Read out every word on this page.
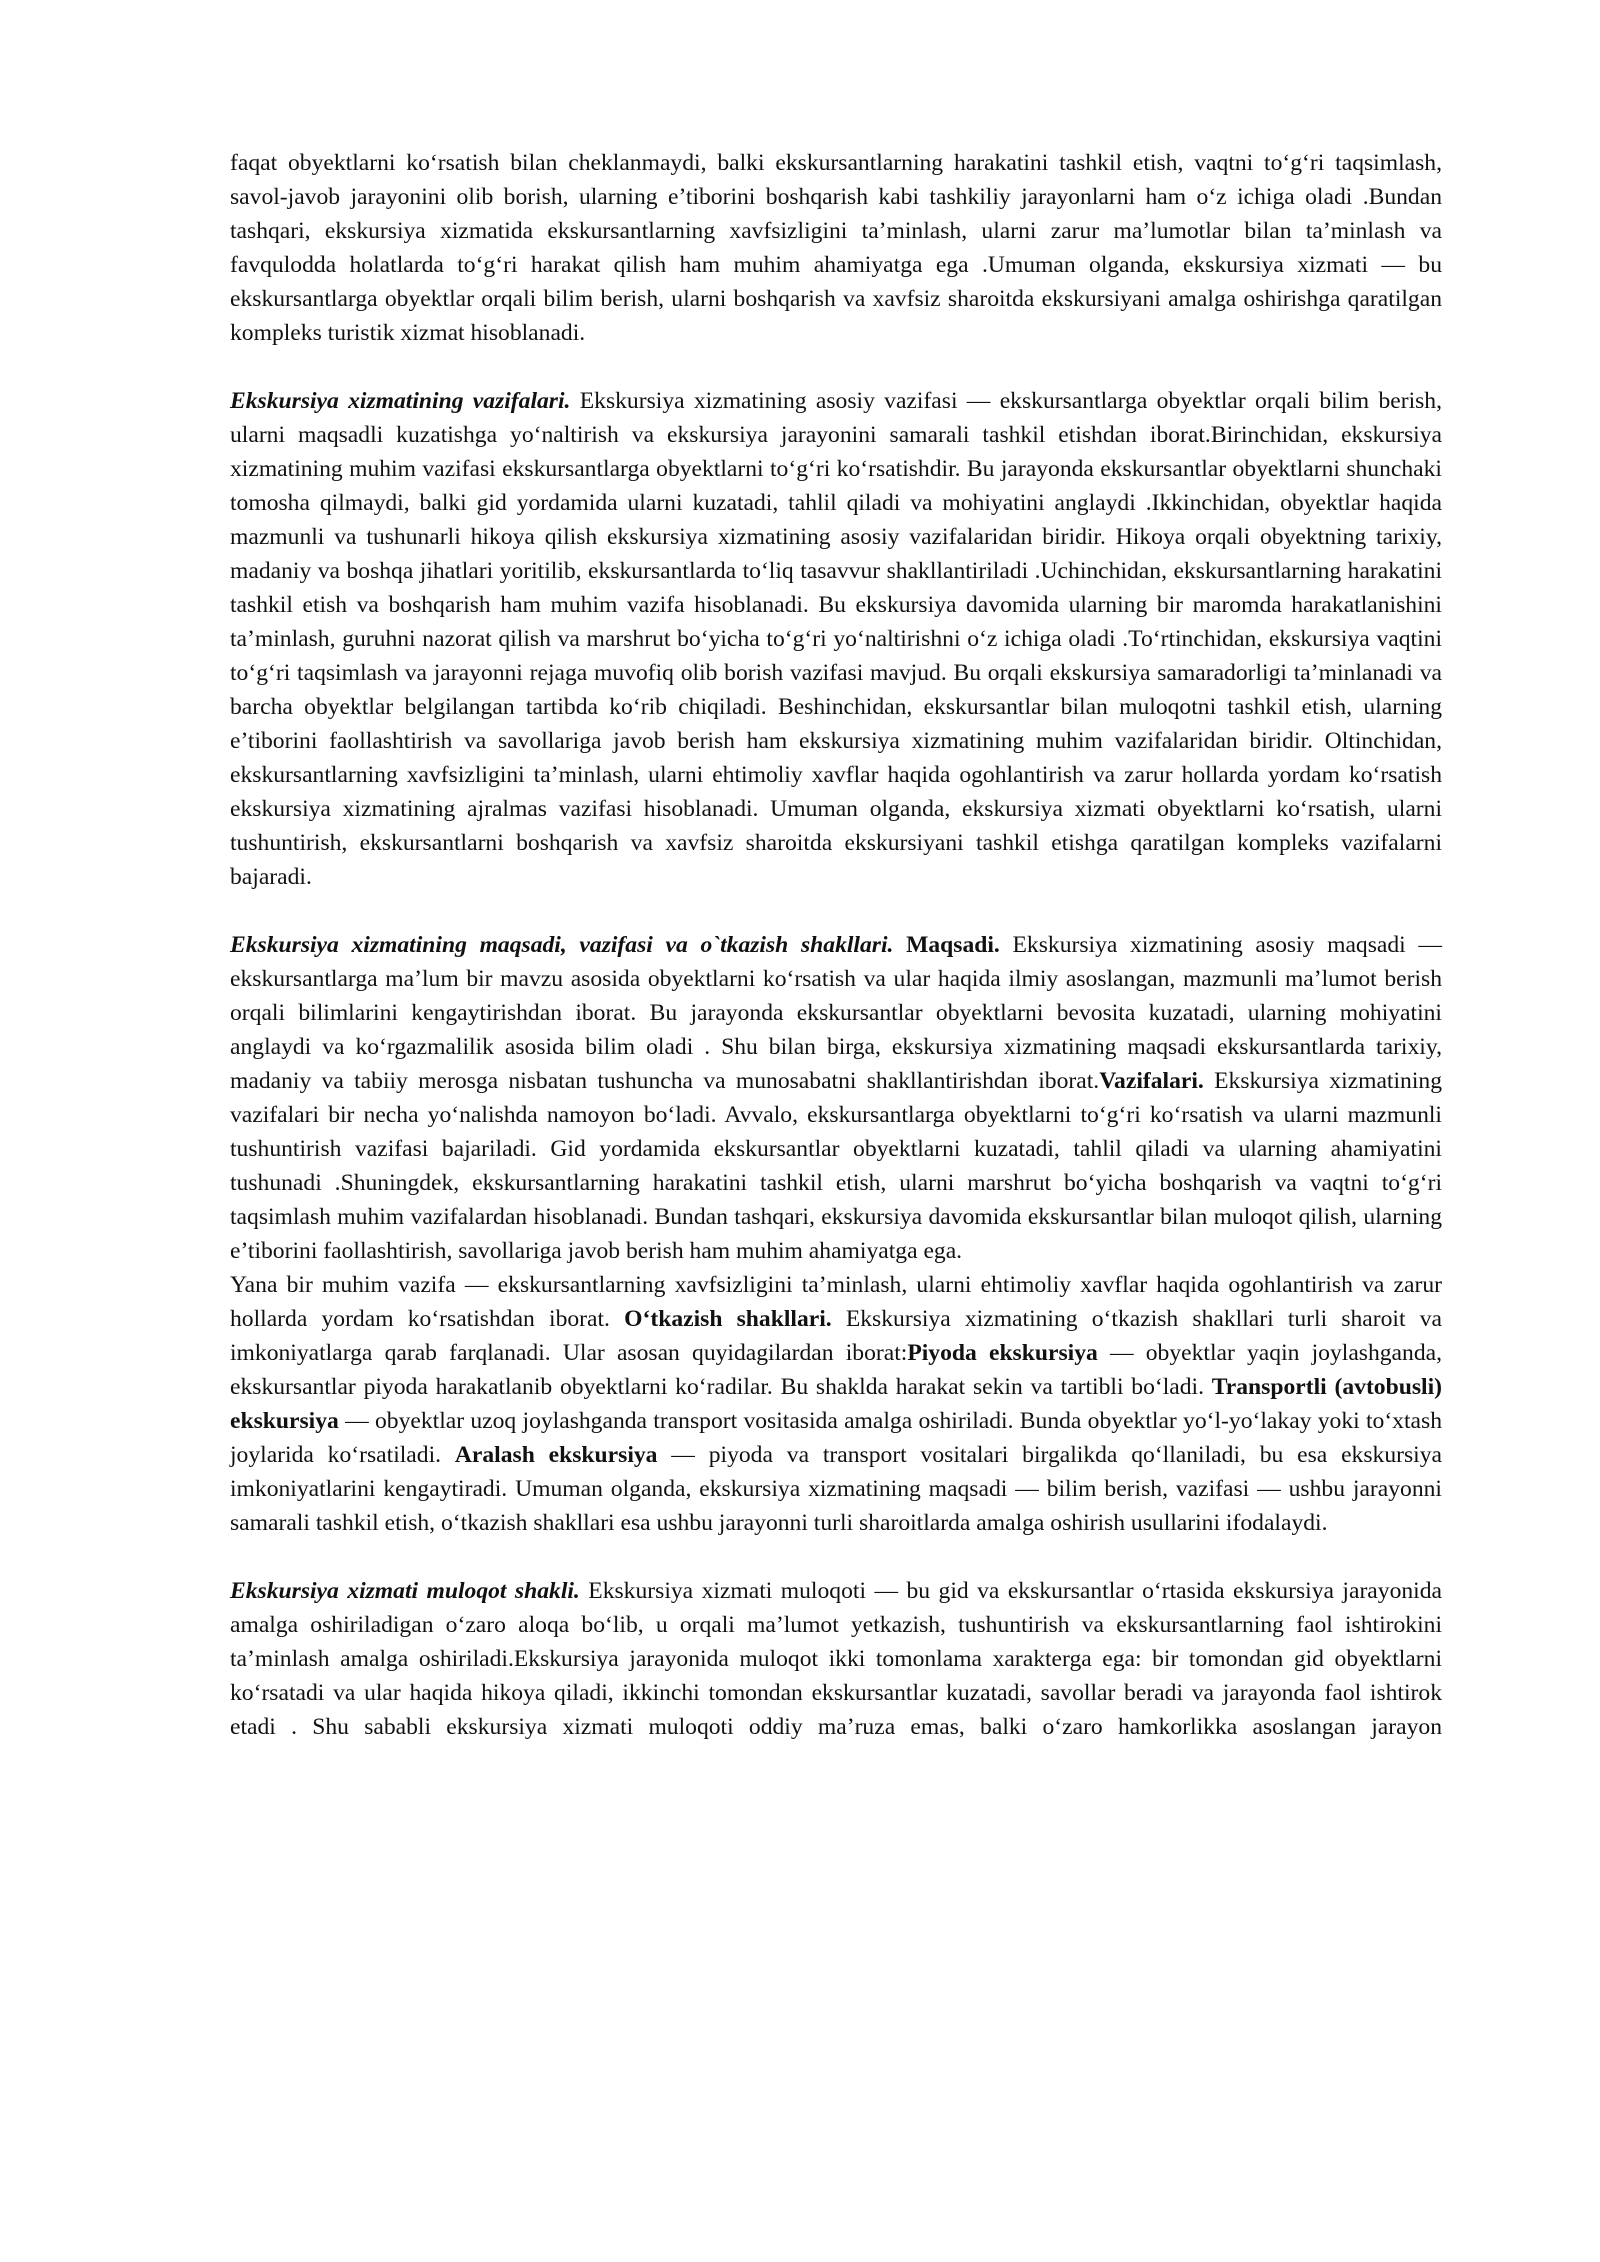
faqat obyektlarni ko‘rsatish bilan cheklanmaydi, balki ekskursantlarning harakatini tashkil etish, vaqtni to‘g‘ri taqsimlash, savol-javob jarayonini olib borish, ularning e’tiborini boshqarish kabi tashkiliy jarayonlarni ham o‘z ichiga oladi .Bundan tashqari, ekskursiya xizmatida ekskursantlarning xavfsizligini ta’minlash, ularni zarur ma’lumotlar bilan ta’minlash va favqulodda holatlarda to‘g‘ri harakat qilish ham muhim ahamiyatga ega .Umuman olganda, ekskursiya xizmati — bu ekskursantlarga obyektlar orqali bilim berish, ularni boshqarish va xavfsiz sharoitda ekskursiyani amalga oshirishga qaratilgan kompleks turistik xizmat hisoblanadi.

Ekskursiya xizmatining vazifalari. Ekskursiya xizmatining asosiy vazifasi — ekskursantlarga obyektlar orqali bilim berish, ularni maqsadli kuzatishga yo‘naltirish va ekskursiya jarayonini samarali tashkil etishdan iborat.Birinchidan, ekskursiya xizmatining muhim vazifasi ekskursantlarga obyektlarni to‘g‘ri ko‘rsatishdir. Bu jarayonda ekskursantlar obyektlarni shunchaki tomosha qilmaydi, balki gid yordamida ularni kuzatadi, tahlil qiladi va mohiyatini anglaydi .Ikkinchidan, obyektlar haqida mazmunli va tushunarli hikoya qilish ekskursiya xizmatining asosiy vazifalaridan biridir. Hikoya orqali obyektning tarixiy, madaniy va boshqa jihatlari yoritilib, ekskursantlarda to‘liq tasavvur shakllantiriladi .Uchinchidan, ekskursantlarning harakatini tashkil etish va boshqarish ham muhim vazifa hisoblanadi. Bu ekskursiya davomida ularning bir maromda harakatlanishini ta’minlash, guruhni nazorat qilish va marshrut bo‘yicha to‘g‘ri yo‘naltirishni o‘z ichiga oladi .To‘rtinchidan, ekskursiya vaqtini to‘g‘ri taqsimlash va jarayonni rejaga muvofiq olib borish vazifasi mavjud. Bu orqali ekskursiya samaradorligi ta’minlanadi va barcha obyektlar belgilangan tartibda ko‘rib chiqiladi. Beshinchidan, ekskursantlar bilan muloqotni tashkil etish, ularning e’tiborini faollashtirish va savollariga javob berish ham ekskursiya xizmatining muhim vazifalaridan biridir. Oltinchidan, ekskursantlarning xavfsizligini ta’minlash, ularni ehtimoliy xavflar haqida ogohlantirish va zarur hollarda yordam ko‘rsatish ekskursiya xizmatining ajralmas vazifasi hisoblanadi. Umuman olganda, ekskursiya xizmati obyektlarni ko‘rsatish, ularni tushuntirish, ekskursantlarni boshqarish va xavfsiz sharoitda ekskursiyani tashkil etishga qaratilgan kompleks vazifalarni bajaradi.

Ekskursiya xizmatining maqsadi, vazifasi va o`tkazish shakllari. Maqsadi. Ekskursiya xizmatining asosiy maqsadi — ekskursantlarga ma’lum bir mavzu asosida obyektlarni ko‘rsatish va ular haqida ilmiy asoslangan, mazmunli ma’lumot berish orqali bilimlarini kengaytirishdan iborat. Bu jarayonda ekskursantlar obyektlarni bevosita kuzatadi, ularning mohiyatini anglaydi va ko‘rgazmalilik asosida bilim oladi . Shu bilan birga, ekskursiya xizmatining maqsadi ekskursantlarda tarixiy, madaniy va tabiiy merosga nisbatan tushuncha va munosabatni shakllantirishdan iborat.Vazifalari. Ekskursiya xizmatining vazifalari bir necha yo‘nalishda namoyon bo‘ladi. Avvalo, ekskursantlarga obyektlarni to‘g‘ri ko‘rsatish va ularni mazmunli tushuntirish vazifasi bajariladi. Gid yordamida ekskursantlar obyektlarni kuzatadi, tahlil qiladi va ularning ahamiyatini tushunadi .Shuningdek, ekskursantlarning harakatini tashkil etish, ularni marshrut bo‘yicha boshqarish va vaqtni to‘g‘ri taqsimlash muhim vazifalardan hisoblanadi. Bundan tashqari, ekskursiya davomida ekskursantlar bilan muloqot qilish, ularning e’tiborini faollashtirish, savollariga javob berish ham muhim ahamiyatga ega.

Yana bir muhim vazifa — ekskursantlarning xavfsizligini ta’minlash, ularni ehtimoliy xavflar haqida ogohlantirish va zarur hollarda yordam ko‘rsatishdan iborat. O‘tkazish shakllari. Ekskursiya xizmatining o‘tkazish shakllari turli sharoit va imkoniyatlarga qarab farqlanadi. Ular asosan quyidagilardan iborat:Piyoda ekskursiya — obyektlar yaqin joylashganda, ekskursantlar piyoda harakatlanib obyektlarni ko‘radilar. Bu shaklda harakat sekin va tartibli bo‘ladi. Transportli (avtobusli) ekskursiya — obyektlar uzoq joylashganda transport vositasida amalga oshiriladi. Bunda obyektlar yo‘l-yo‘lakay yoki to‘xtash joylarida ko‘rsatiladi. Aralash ekskursiya — piyoda va transport vositalari birgalikda qo‘llaniladi, bu esa ekskursiya imkoniyatlarini kengaytiradi. Umuman olganda, ekskursiya xizmatining maqsadi — bilim berish, vazifasi — ushbu jarayonni samarali tashkil etish, o‘tkazish shakllari esa ushbu jarayonni turli sharoitlarda amalga oshirish usullarini ifodalaydi.

Ekskursiya xizmati muloqot shakli. Ekskursiya xizmati muloqoti — bu gid va ekskursantlar o‘rtasida ekskursiya jarayonida amalga oshiriladigan o‘zaro aloqa bo‘lib, u orqali ma’lumot yetkazish, tushuntirish va ekskursantlarning faol ishtirokini ta’minlash amalga oshiriladi.Ekskursiya jarayonida muloqot ikki tomonlama xarakterga ega: bir tomondan gid obyektlarni ko‘rsatadi va ular haqida hikoya qiladi, ikkinchi tomondan ekskursantlar kuzatadi, savollar beradi va jarayonda faol ishtirok etadi . Shu sababli ekskursiya xizmati muloqoti oddiy ma’ruza emas, balki o‘zaro hamkorlikka asoslangan jarayon
